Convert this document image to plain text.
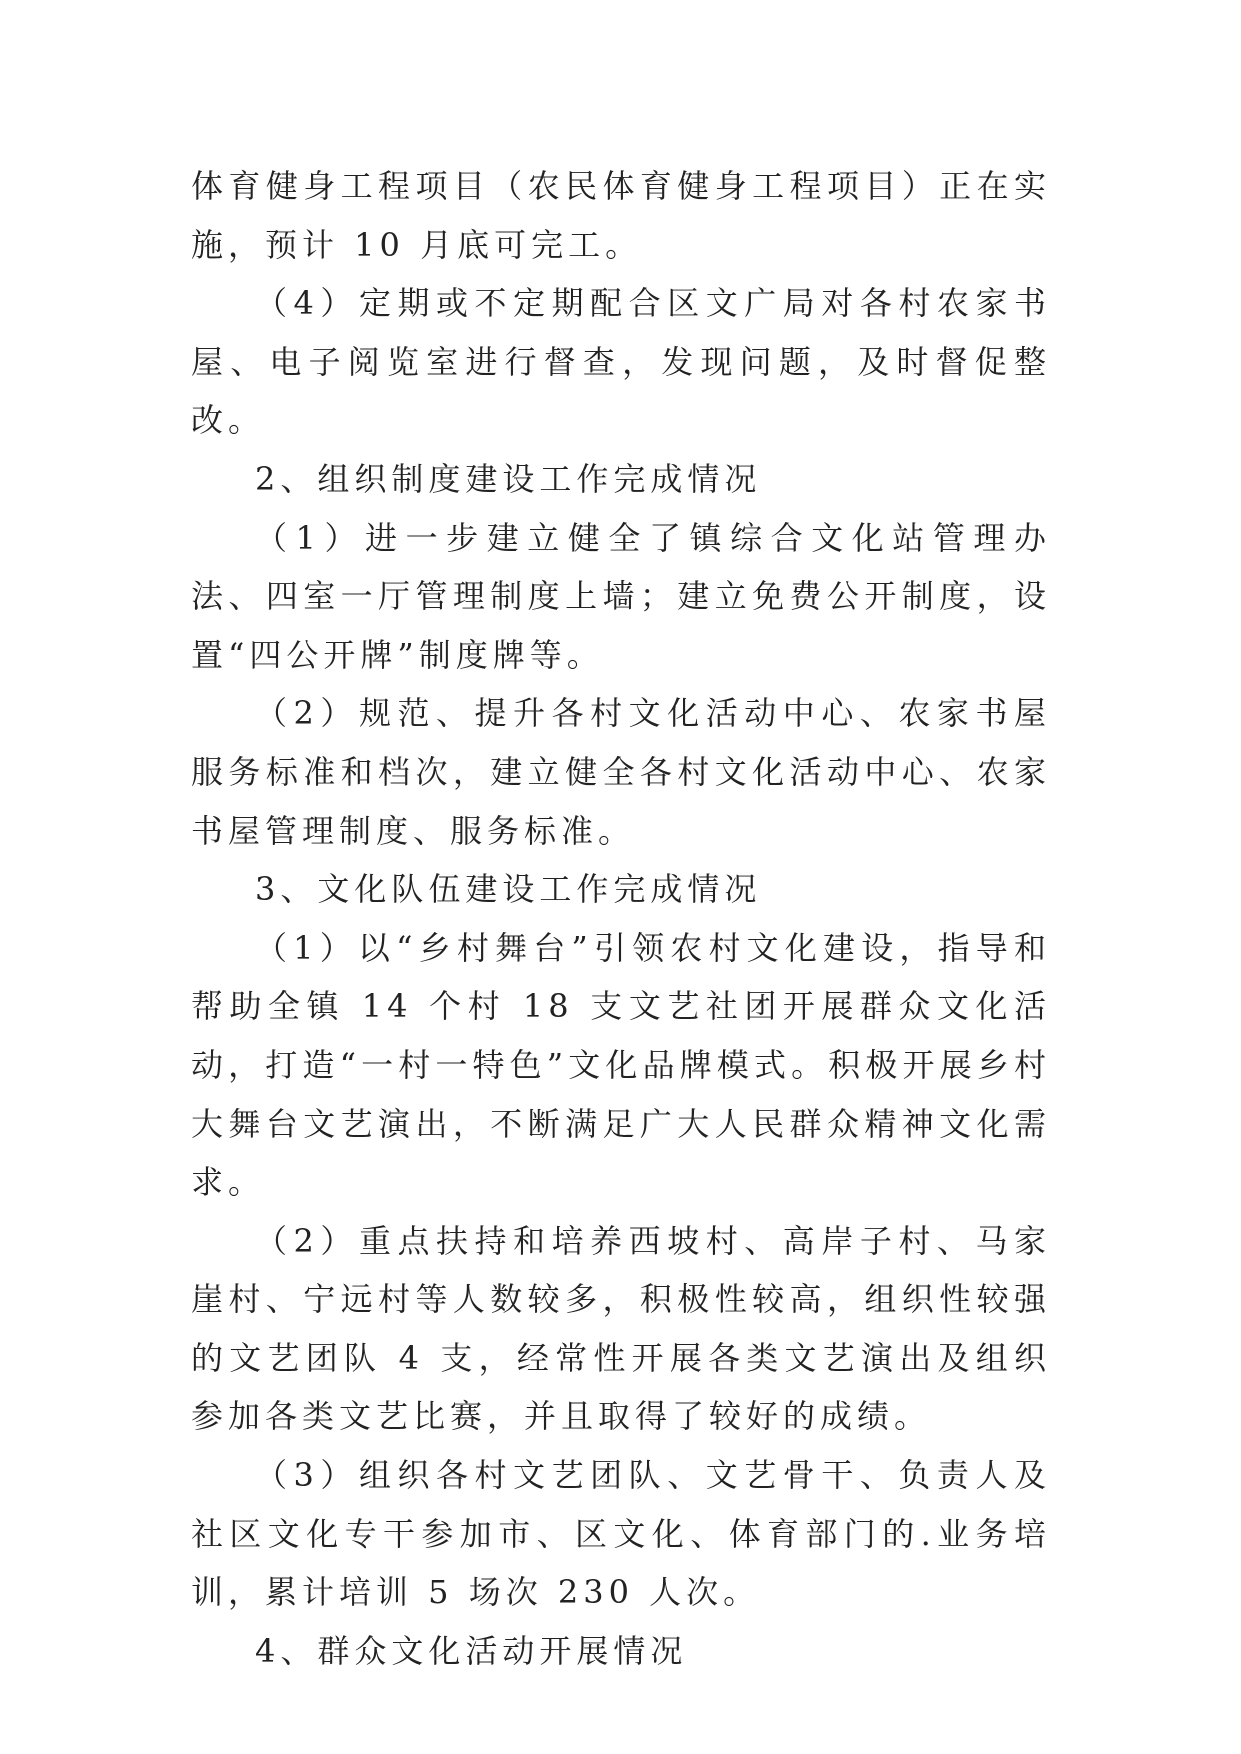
体育健身工程项目（农民体育健身工程项目）正在实施，预计 10 月底可完工。

（4）定期或不定期配合区文广局对各村农家书屋、电子阅览室进行督查，发现问题，及时督促整改。

2、组织制度建设工作完成情况

（1）进一步建立健全了镇综合文化站管理办法、四室一厅管理制度上墙；建立免费公开制度，设置“四公开牌”制度牌等。

（2）规范、提升各村文化活动中心、农家书屋服务标准和档次，建立健全各村文化活动中心、农家书屋管理制度、服务标准。

3、文化队伍建设工作完成情况

（1）以“乡村舞台”引领农村文化建设，指导和帮助全镇 14 个村 18 支文艺社团开展群众文化活动，打造“一村一特色”文化品牌模式。积极开展乡村大舞台文艺演出，不断满足广大人民群众精神文化需求。

（2）重点扶持和培养西坡村、高岸子村、马家崖村、宁远村等人数较多，积极性较高，组织性较强的文艺团队 4 支，经常性开展各类文艺演出及组织参加各类文艺比赛，并且取得了较好的成绩。

（3）组织各村文艺团队、文艺骨干、负责人及社区文化专干参加市、区文化、体育部门的.业务培训，累计培训 5 场次 230 人次。

4、群众文化活动开展情况
